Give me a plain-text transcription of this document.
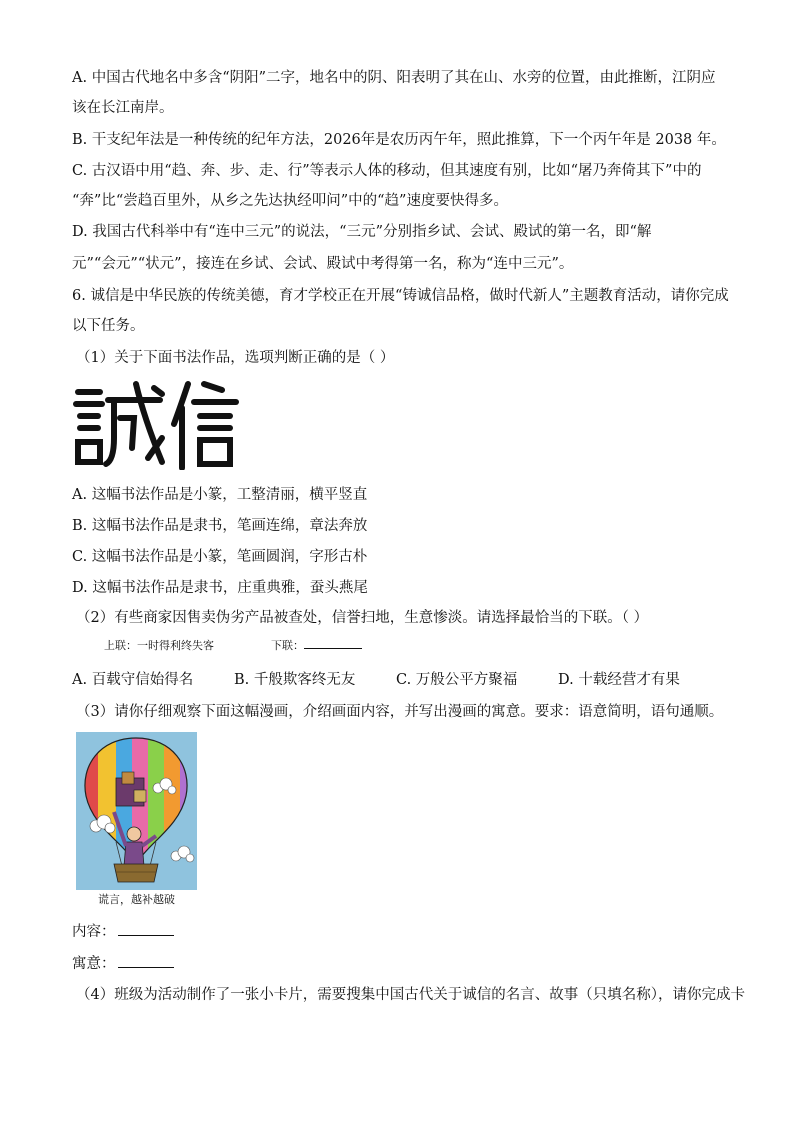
A. 中国古代地名中多含“阴阳”二字，地名中的阴、阳表明了其在山、水旁的位置，由此推断，江阴应
该在长江南岸。
B. 干支纪年法是一种传统的纪年方法，2026年是农历丙午年，照此推算，下一个丙午年是 2038 年。
C. 古汉语中用“趋、奔、步、走、行”等表示人体的移动，但其速度有别，比如“屠乃奔倚其下”中的
“奔”比“尝趋百里外，从乡之先达执经叩问”中的“趋”速度要快得多。
D. 我国古代科举中有“连中三元”的说法，“三元”分别指乡试、会试、殿试的第一名，即“解
元”“会元”“状元”，接连在乡试、会试、殿试中考得第一名，称为“连中三元”。
6. 诚信是中华民族的传统美德，育才学校正在开展“铸诚信品格，做时代新人”主题教育活动，请你完成
以下任务。
（1）关于下面书法作品，选项判断正确的是（ ）
A. 这幅书法作品是小篆，工整清丽，横平竖直
B. 这幅书法作品是隶书，笔画连绵，章法奔放
C. 这幅书法作品是小篆，笔画圆润，字形古朴
D. 这幅书法作品是隶书，庄重典雅，蚕头燕尾
（2）有些商家因售卖伪劣产品被查处，信誉扫地，生意惨淡。请选择最恰当的下联。（ ）
上联：一时得利终失客	下联：
A. 百载守信始得名	B. 千般欺客终无友	C. 万般公平方聚福	D. 十载经营才有果
（3）请你仔细观察下面这幅漫画，介绍画面内容，并写出漫画的寓意。要求：语意简明，语句通顺。
谎言，越补越破
内容：
寓意：
（4）班级为活动制作了一张小卡片，需要搜集中国古代关于诚信的名言、故事（只填名称），请你完成卡
